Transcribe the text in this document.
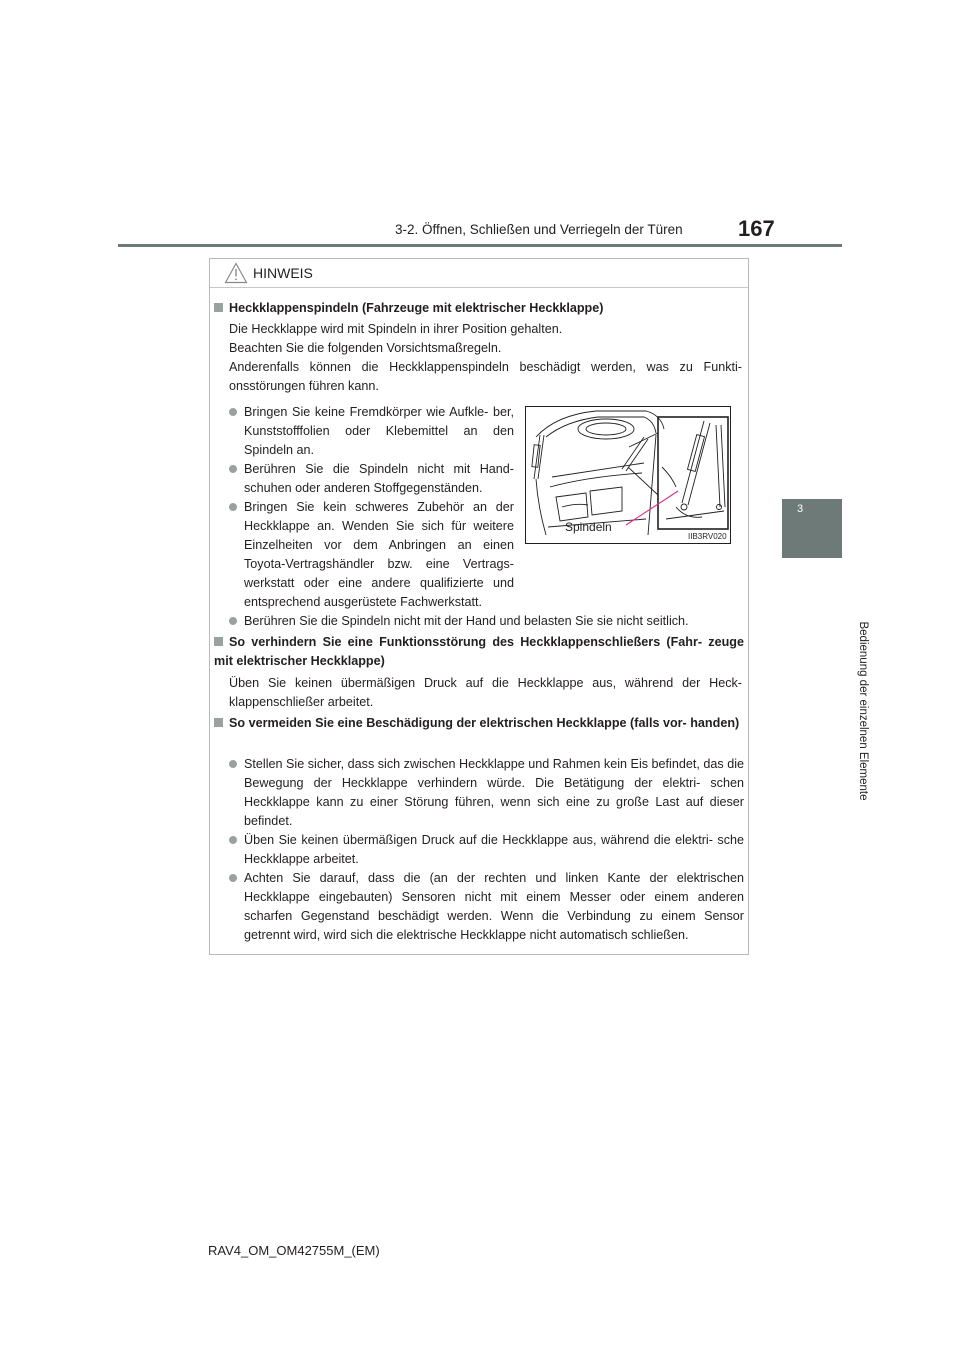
3-2. Öffnen, Schließen und Verriegeln der Türen	167
3
Bedienung der einzelnen Elemente
HINWEIS
Heckklappenspindeln (Fahrzeuge mit elektrischer Heckklappe)
Die Heckklappe wird mit Spindeln in ihrer Position gehalten.
Beachten Sie die folgenden Vorsichtsmaßregeln.
Anderenfalls können die Heckklappenspindeln beschädigt werden, was zu Funkti- onsstörungen führen kann.
Bringen Sie keine Fremdkörper wie Aufkle- ber, Kunststofffolien oder Klebemittel an den Spindeln an.
Berühren Sie die Spindeln nicht mit Hand- schuhen oder anderen Stoffgegenständen.
Bringen Sie kein schweres Zubehör an der Heckklappe an. Wenden Sie sich für weitere Einzelheiten vor dem Anbringen an einen Toyota-Vertragshändler bzw. eine Vertrags- werkstatt oder eine andere qualifizierte und entsprechend ausgerüstete Fachwerkstatt.
Berühren Sie die Spindeln nicht mit der Hand und belasten Sie sie nicht seitlich.
Spindeln
IIB3RV020
So verhindern Sie eine Funktionsstörung des Heckklappenschließers (Fahr- zeuge mit elektrischer Heckklappe)
Üben Sie keinen übermäßigen Druck auf die Heckklappe aus, während der Heck- klappenschließer arbeitet.
So vermeiden Sie eine Beschädigung der elektrischen Heckklappe (falls vor- handen)
Stellen Sie sicher, dass sich zwischen Heckklappe und Rahmen kein Eis befindet, das die Bewegung der Heckklappe verhindern würde. Die Betätigung der elektri- schen Heckklappe kann zu einer Störung führen, wenn sich eine zu große Last auf dieser befindet.
Üben Sie keinen übermäßigen Druck auf die Heckklappe aus, während die elektri- sche Heckklappe arbeitet.
Achten Sie darauf, dass die (an der rechten und linken Kante der elektrischen Heckklappe eingebauten) Sensoren nicht mit einem Messer oder einem anderen scharfen Gegenstand beschädigt werden. Wenn die Verbindung zu einem Sensor getrennt wird, wird sich die elektrische Heckklappe nicht automatisch schließen.
RAV4_OM_OM42755M_(EM)
